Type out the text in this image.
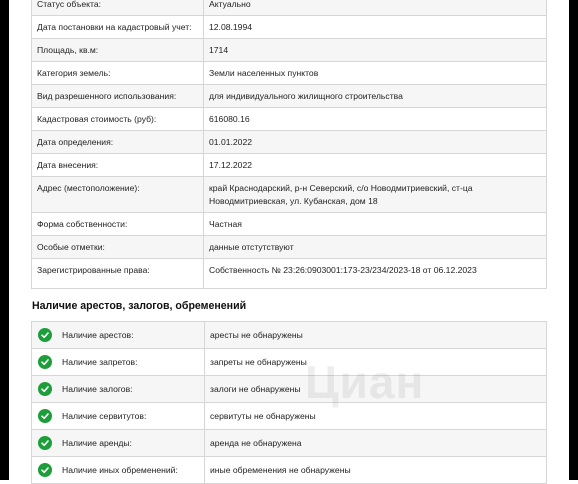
Статус объекта:	Актуально
Дата постановки на кадастровый учет:	12.08.1994
Площадь, кв.м:	1714
Категория земель:	Земли населенных пунктов
Вид разрешенного использования:	для индивидуального жилищного строительства
Кадастровая стоимость (руб):	616080.16
Дата определения:	01.01.2022
Дата внесения:	17.12.2022
Адрес (местоположение):	край Краснодарский, р-н Северский, с/о Новодмитриевский, ст-ца Новодмитриевская, ул. Кубанская, дом 18
Форма собственности:	Частная
Особые отметки:	данные отстутствуют
Зарегистрированные права:	Собственность № 23:26:0903001:173-23/234/2023-18 от 06.12.2023
Наличие арестов, залогов, обременений
Наличие арестов:	аресты не обнаружены

Наличие запретов:	запреты не обнаружены

Наличие залогов:	залоги не обнаружены

Наличие сервитутов:	сервитуты не обнаружены

Наличие аренды:	аренда не обнаружена

Наличие иных обременений:	иные обременения не обнаружены
